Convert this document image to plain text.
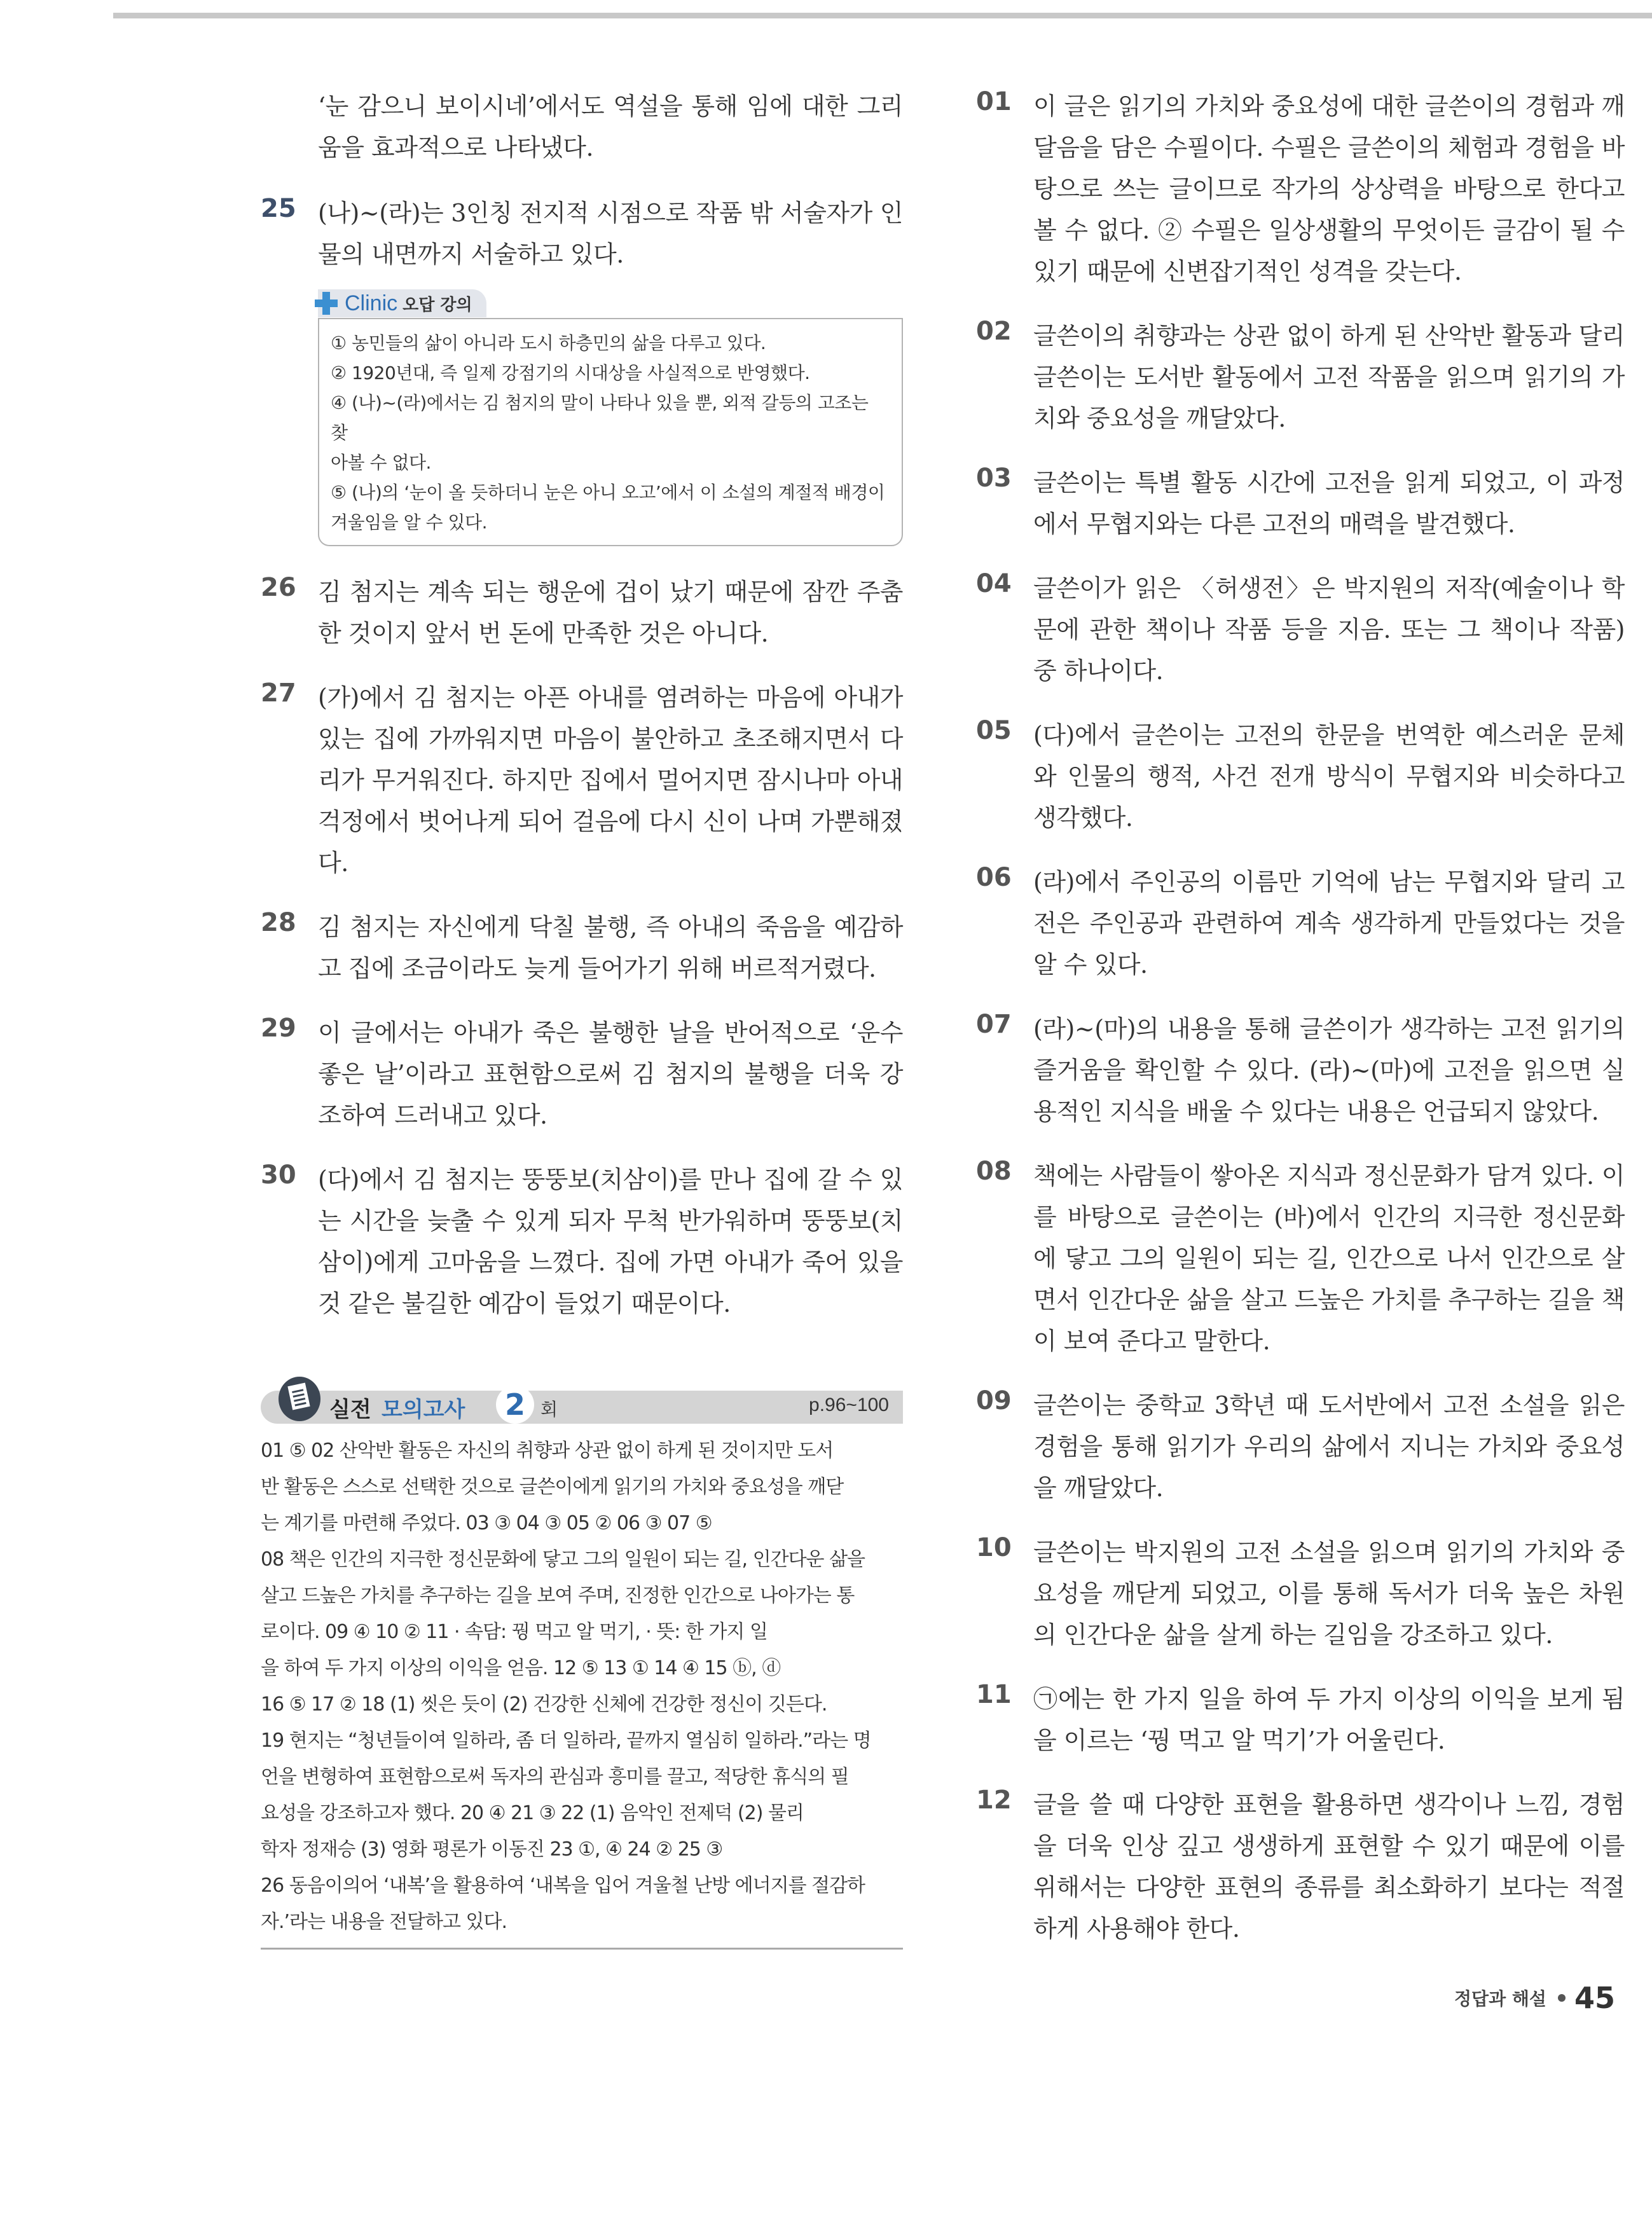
‘눈 감으니 보이시네’에서도 역설을 통해 임에 대한 그리움을 효과적으로 나타냈다.
25 (나)~(라)는 3인칭 전지적 시점으로 작품 밖 서술자가 인물의 내면까지 서술하고 있다.
Clinic 오답 강의
① 농민들의 삶이 아니라 도시 하층민의 삶을 다루고 있다.
② 1920년대, 즉 일제 강점기의 시대상을 사실적으로 반영했다.
④ (나)~(라)에서는 김 첨지의 말이 나타나 있을 뿐, 외적 갈등의 고조는 찾
아볼 수 없다.
⑤ (나)의 ‘눈이 올 듯하더니 눈은 아니 오고’에서 이 소설의 계절적 배경이
겨울임을 알 수 있다.
26 김 첨지는 계속 되는 행운에 겁이 났기 때문에 잠깐 주춤한 것이지 앞서 번 돈에 만족한 것은 아니다.
27 (가)에서 김 첨지는 아픈 아내를 염려하는 마음에 아내가 있는 집에 가까워지면 마음이 불안하고 초조해지면서 다리가 무거워진다. 하지만 집에서 멀어지면 잠시나마 아내 걱정에서 벗어나게 되어 걸음에 다시 신이 나며 가뿐해졌다.
28 김 첨지는 자신에게 닥칠 불행, 즉 아내의 죽음을 예감하고 집에 조금이라도 늦게 들어가기 위해 버르적거렸다.
29 이 글에서는 아내가 죽은 불행한 날을 반어적으로 ‘운수 좋은 날’이라고 표현함으로써 김 첨지의 불행을 더욱 강조하여 드러내고 있다.
30 (다)에서 김 첨지는 뚱뚱보(치삼이)를 만나 집에 갈 수 있는 시간을 늦출 수 있게 되자 무척 반가워하며 뚱뚱보(치삼이)에게 고마움을 느꼈다. 집에 가면 아내가 죽어 있을 것 같은 불길한 예감이 들었기 때문이다.
실전 모의고사	2 회	p.96~100
01 ⑤ 02 산악반 활동은 자신의 취향과 상관 없이 하게 된 것이지만 도서
반 활동은 스스로 선택한 것으로 글쓴이에게 읽기의 가치와 중요성을 깨닫
는 계기를 마련해 주었다. 03 ③ 04 ③ 05 ② 06 ③ 07 ⑤
08 책은 인간의 지극한 정신문화에 닿고 그의 일원이 되는 길, 인간다운 삶을
살고 드높은 가치를 추구하는 길을 보여 주며, 진정한 인간으로 나아가는 통
로이다. 09 ④ 10 ② 11 · 속담: 꿩 먹고 알 먹기, · 뜻: 한 가지 일
을 하여 두 가지 이상의 이익을 얻음. 12 ⑤ 13 ① 14 ④ 15 ⓑ, ⓓ
16 ⑤ 17 ② 18 (1) 씻은 듯이 (2) 건강한 신체에 건강한 정신이 깃든다.
19 현지는 “청년들이여 일하라, 좀 더 일하라, 끝까지 열심히 일하라.”라는 명
언을 변형하여 표현함으로써 독자의 관심과 흥미를 끌고, 적당한 휴식의 필
요성을 강조하고자 했다. 20 ④ 21 ③ 22 (1) 음악인 전제덕 (2) 물리
학자 정재승 (3) 영화 평론가 이동진 23 ①, ④ 24 ② 25 ③
26 동음이의어 ‘내복’을 활용하여 ‘내복을 입어 겨울철 난방 에너지를 절감하
자.’라는 내용을 전달하고 있다.
01 이 글은 읽기의 가치와 중요성에 대한 글쓴이의 경험과 깨달음을 담은 수필이다. 수필은 글쓴이의 체험과 경험을 바탕으로 쓰는 글이므로 작가의 상상력을 바탕으로 한다고 볼 수 없다. ② 수필은 일상생활의 무엇이든 글감이 될 수 있기 때문에 신변잡기적인 성격을 갖는다.
02 글쓴이의 취향과는 상관 없이 하게 된 산악반 활동과 달리 글쓴이는 도서반 활동에서 고전 작품을 읽으며 읽기의 가치와 중요성을 깨달았다.
03 글쓴이는 특별 활동 시간에 고전을 읽게 되었고, 이 과정에서 무협지와는 다른 고전의 매력을 발견했다.
04 글쓴이가 읽은 〈허생전〉은 박지원의 저작(예술이나 학문에 관한 책이나 작품 등을 지음. 또는 그 책이나 작품) 중 하나이다.
05 (다)에서 글쓴이는 고전의 한문을 번역한 예스러운 문체와 인물의 행적, 사건 전개 방식이 무협지와 비슷하다고 생각했다.
06 (라)에서 주인공의 이름만 기억에 남는 무협지와 달리 고전은 주인공과 관련하여 계속 생각하게 만들었다는 것을 알 수 있다.
07 (라)~(마)의 내용을 통해 글쓴이가 생각하는 고전 읽기의 즐거움을 확인할 수 있다. (라)~(마)에 고전을 읽으면 실용적인 지식을 배울 수 있다는 내용은 언급되지 않았다.
08 책에는 사람들이 쌓아온 지식과 정신문화가 담겨 있다. 이를 바탕으로 글쓴이는 (바)에서 인간의 지극한 정신문화에 닿고 그의 일원이 되는 길, 인간으로 나서 인간으로 살면서 인간다운 삶을 살고 드높은 가치를 추구하는 길을 책이 보여 준다고 말한다.
09 글쓴이는 중학교 3학년 때 도서반에서 고전 소설을 읽은 경험을 통해 읽기가 우리의 삶에서 지니는 가치와 중요성을 깨달았다.
10 글쓴이는 박지원의 고전 소설을 읽으며 읽기의 가치와 중요성을 깨닫게 되었고, 이를 통해 독서가 더욱 높은 차원의 인간다운 삶을 살게 하는 길임을 강조하고 있다.
11 ㉠에는 한 가지 일을 하여 두 가지 이상의 이익을 보게 됨을 이르는 ‘꿩 먹고 알 먹기’가 어울린다.
12 글을 쓸 때 다양한 표현을 활용하면 생각이나 느낌, 경험을 더욱 인상 깊고 생생하게 표현할 수 있기 때문에 이를 위해서는 다양한 표현의 종류를 최소화하기 보다는 적절하게 사용해야 한다.
정답과 해설 45
